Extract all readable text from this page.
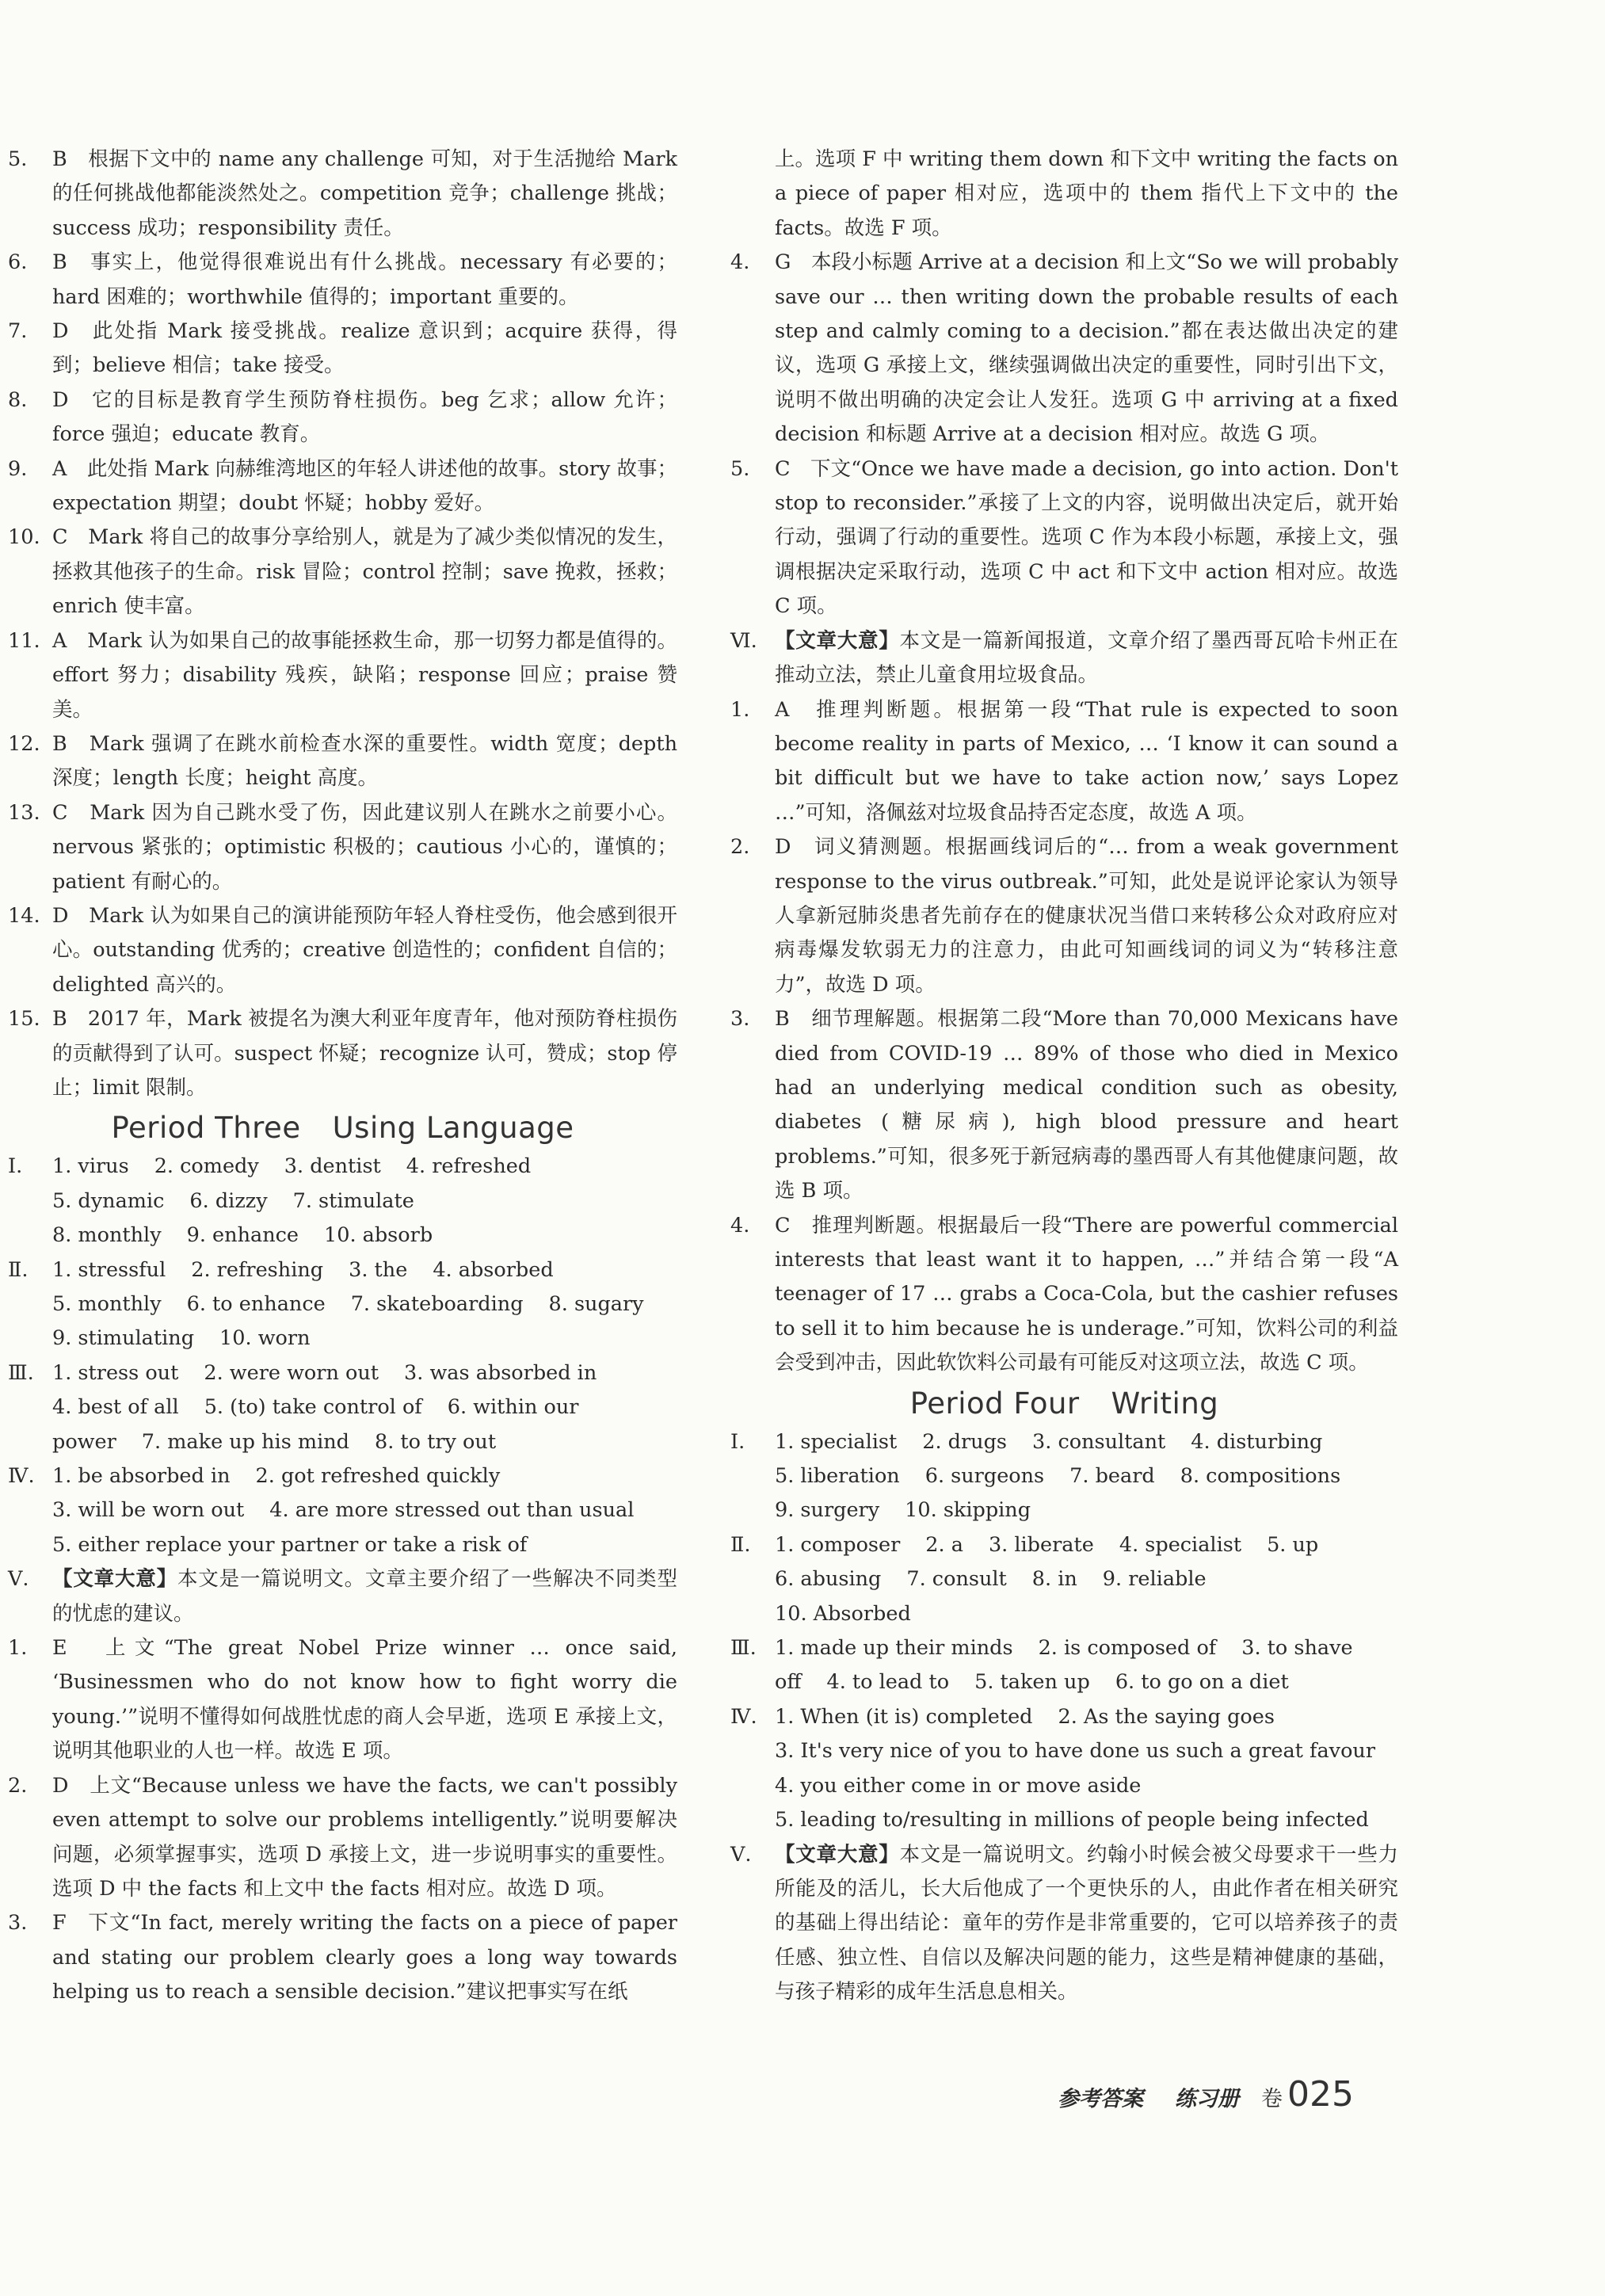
5.	B　根据下文中的 name any challenge 可知，对于生活抛给 Mark 的任何挑战他都能淡然处之。competition 竞争；challenge 挑战；success 成功；responsibility 责任。
6.	B　事实上，他觉得很难说出有什么挑战。necessary 有必要的；hard 困难的；worthwhile 值得的；important 重要的。
7.	D　此处指 Mark 接受挑战。realize 意识到；acquire 获得，得到；believe 相信；take 接受。
8.	D　它的目标是教育学生预防脊柱损伤。beg 乞求；allow 允许；force 强迫；educate 教育。
9.	A　此处指 Mark 向赫维湾地区的年轻人讲述他的故事。story 故事；expectation 期望；doubt 怀疑；hobby 爱好。
10. C　Mark 将自己的故事分享给别人，就是为了减少类似情况的发生，拯救其他孩子的生命。risk 冒险；control 控制；save 挽救，拯救；enrich 使丰富。
11. A　Mark 认为如果自己的故事能拯救生命，那一切努力都是值得的。effort 努力；disability 残疾，缺陷；response 回应；praise 赞美。
12. B　Mark 强调了在跳水前检查水深的重要性。width 宽度；depth 深度；length 长度；height 高度。
13. C　Mark 因为自己跳水受了伤，因此建议别人在跳水之前要小心。nervous 紧张的；optimistic 积极的；cautious 小心的，谨慎的；patient 有耐心的。
14. D　Mark 认为如果自己的演讲能预防年轻人脊柱受伤，他会感到很开心。outstanding 优秀的；creative 创造性的；confident 自信的；delighted 高兴的。
15. B　2017 年，Mark 被提名为澳大利亚年度青年，他对预防脊柱损伤的贡献得到了认可。suspect 怀疑；recognize 认可，赞成；stop 停止；limit 限制。
Period Three Using Language
Ⅰ.	1. virus 2. comedy 3. dentist 4. refreshed
5. dynamic 6. dizzy 7. stimulate
8. monthly 9. enhance 10. absorb
Ⅱ.	1. stressful 2. refreshing 3. the 4. absorbed
5. monthly 6. to enhance 7. skateboarding 8. sugary
9. stimulating 10. worn
Ⅲ. 1. stress out 2. were worn out 3. was absorbed in
4. best of all 5. (to) take control of 6. within our
power 7. make up his mind 8. to try out
Ⅳ. 1. be absorbed in 2. got refreshed quickly
3. will be worn out 4. are more stressed out than usual
5. either replace your partner or take a risk of
Ⅴ.	【文章大意】本文是一篇说明文。文章主要介绍了一些解决不同类型的忧虑的建议。
1.	E　上文“The great Nobel Prize winner … once said, ‘Businessmen who do not know how to fight worry die young.’”说明不懂得如何战胜忧虑的商人会早逝，选项 E 承接上文，说明其他职业的人也一样。故选 E 项。
2.	D　上文“Because unless we have the facts, we can't possibly even attempt to solve our problems intelligently.”说明要解决问题，必须掌握事实，选项 D 承接上文，进一步说明事实的重要性。选项 D 中 the facts 和上文中 the facts 相对应。故选 D 项。
3.	F　下文“In fact, merely writing the facts on a piece of paper and stating our problem clearly goes a long way towards helping us to reach a sensible decision.”建议把事实写在纸
上。选项 F 中 writing them down 和下文中 writing the facts on a piece of paper 相对应，选项中的 them 指代上下文中的 the facts。故选 F 项。
4.	G　本段小标题 Arrive at a decision 和上文“So we will probably save our … then writing down the probable results of each step and calmly coming to a decision.”都在表达做出决定的建议，选项 G 承接上文，继续强调做出决定的重要性，同时引出下文，说明不做出明确的决定会让人发狂。选项 G 中 arriving at a fixed decision 和标题 Arrive at a decision 相对应。故选 G 项。
5.	C　下文“Once we have made a decision, go into action. Don't stop to reconsider.”承接了上文的内容，说明做出决定后，就开始行动，强调了行动的重要性。选项 C 作为本段小标题，承接上文，强调根据决定采取行动，选项 C 中 act 和下文中 action 相对应。故选 C 项。
Ⅵ. 【文章大意】本文是一篇新闻报道，文章介绍了墨西哥瓦哈卡州正在推动立法，禁止儿童食用垃圾食品。
1.	A　推理判断题。根据第一段“That rule is expected to soon become reality in parts of Mexico, … ‘I know it can sound a bit difficult but we have to take action now,’ says Lopez …”可知，洛佩兹对垃圾食品持否定态度，故选 A 项。
2.	D　词义猜测题。根据画线词后的“… from a weak government response to the virus outbreak.”可知，此处是说评论家认为领导人拿新冠肺炎患者先前存在的健康状况当借口来转移公众对政府应对病毒爆发软弱无力的注意力，由此可知画线词的词义为“转移注意力”，故选 D 项。
3.	B　细节理解题。根据第二段“More than 70,000 Mexicans have died from COVID-19 … 89% of those who died in Mexico had an underlying medical condition such as obesity, diabetes (糖尿病), high blood pressure and heart problems.”可知，很多死于新冠病毒的墨西哥人有其他健康问题，故选 B 项。
4.	C　推理判断题。根据最后一段“There are powerful commercial interests that least want it to happen, …”并结合第一段“A teenager of 17 … grabs a Coca-Cola, but the cashier refuses to sell it to him because he is underage.”可知，饮料公司的利益会受到冲击，因此软饮料公司最有可能反对这项立法，故选 C 项。
Period Four Writing
Ⅰ.	1. specialist 2. drugs 3. consultant 4. disturbing
5. liberation 6. surgeons 7. beard 8. compositions
9. surgery 10. skipping
Ⅱ.	1. composer 2. a 3. liberate 4. specialist 5. up
6. abusing 7. consult 8. in 9. reliable
10. Absorbed
Ⅲ. 1. made up their minds 2. is composed of 3. to shave
off 4. to lead to 5. taken up 6. to go on a diet
Ⅳ. 1. When (it is) completed 2. As the saying goes
3. It's very nice of you to have done us such a great favour
4. you either come in or move aside
5. leading to/resulting in millions of people being infected
Ⅴ.	【文章大意】本文是一篇说明文。约翰小时候会被父母要求干一些力所能及的活儿，长大后他成了一个更快乐的人，由此作者在相关研究的基础上得出结论：童年的劳作是非常重要的，它可以培养孩子的责任感、独立性、自信以及解决问题的能力，这些是精神健康的基础，与孩子精彩的成年生活息息相关。
参考答案 练习册 卷 025
